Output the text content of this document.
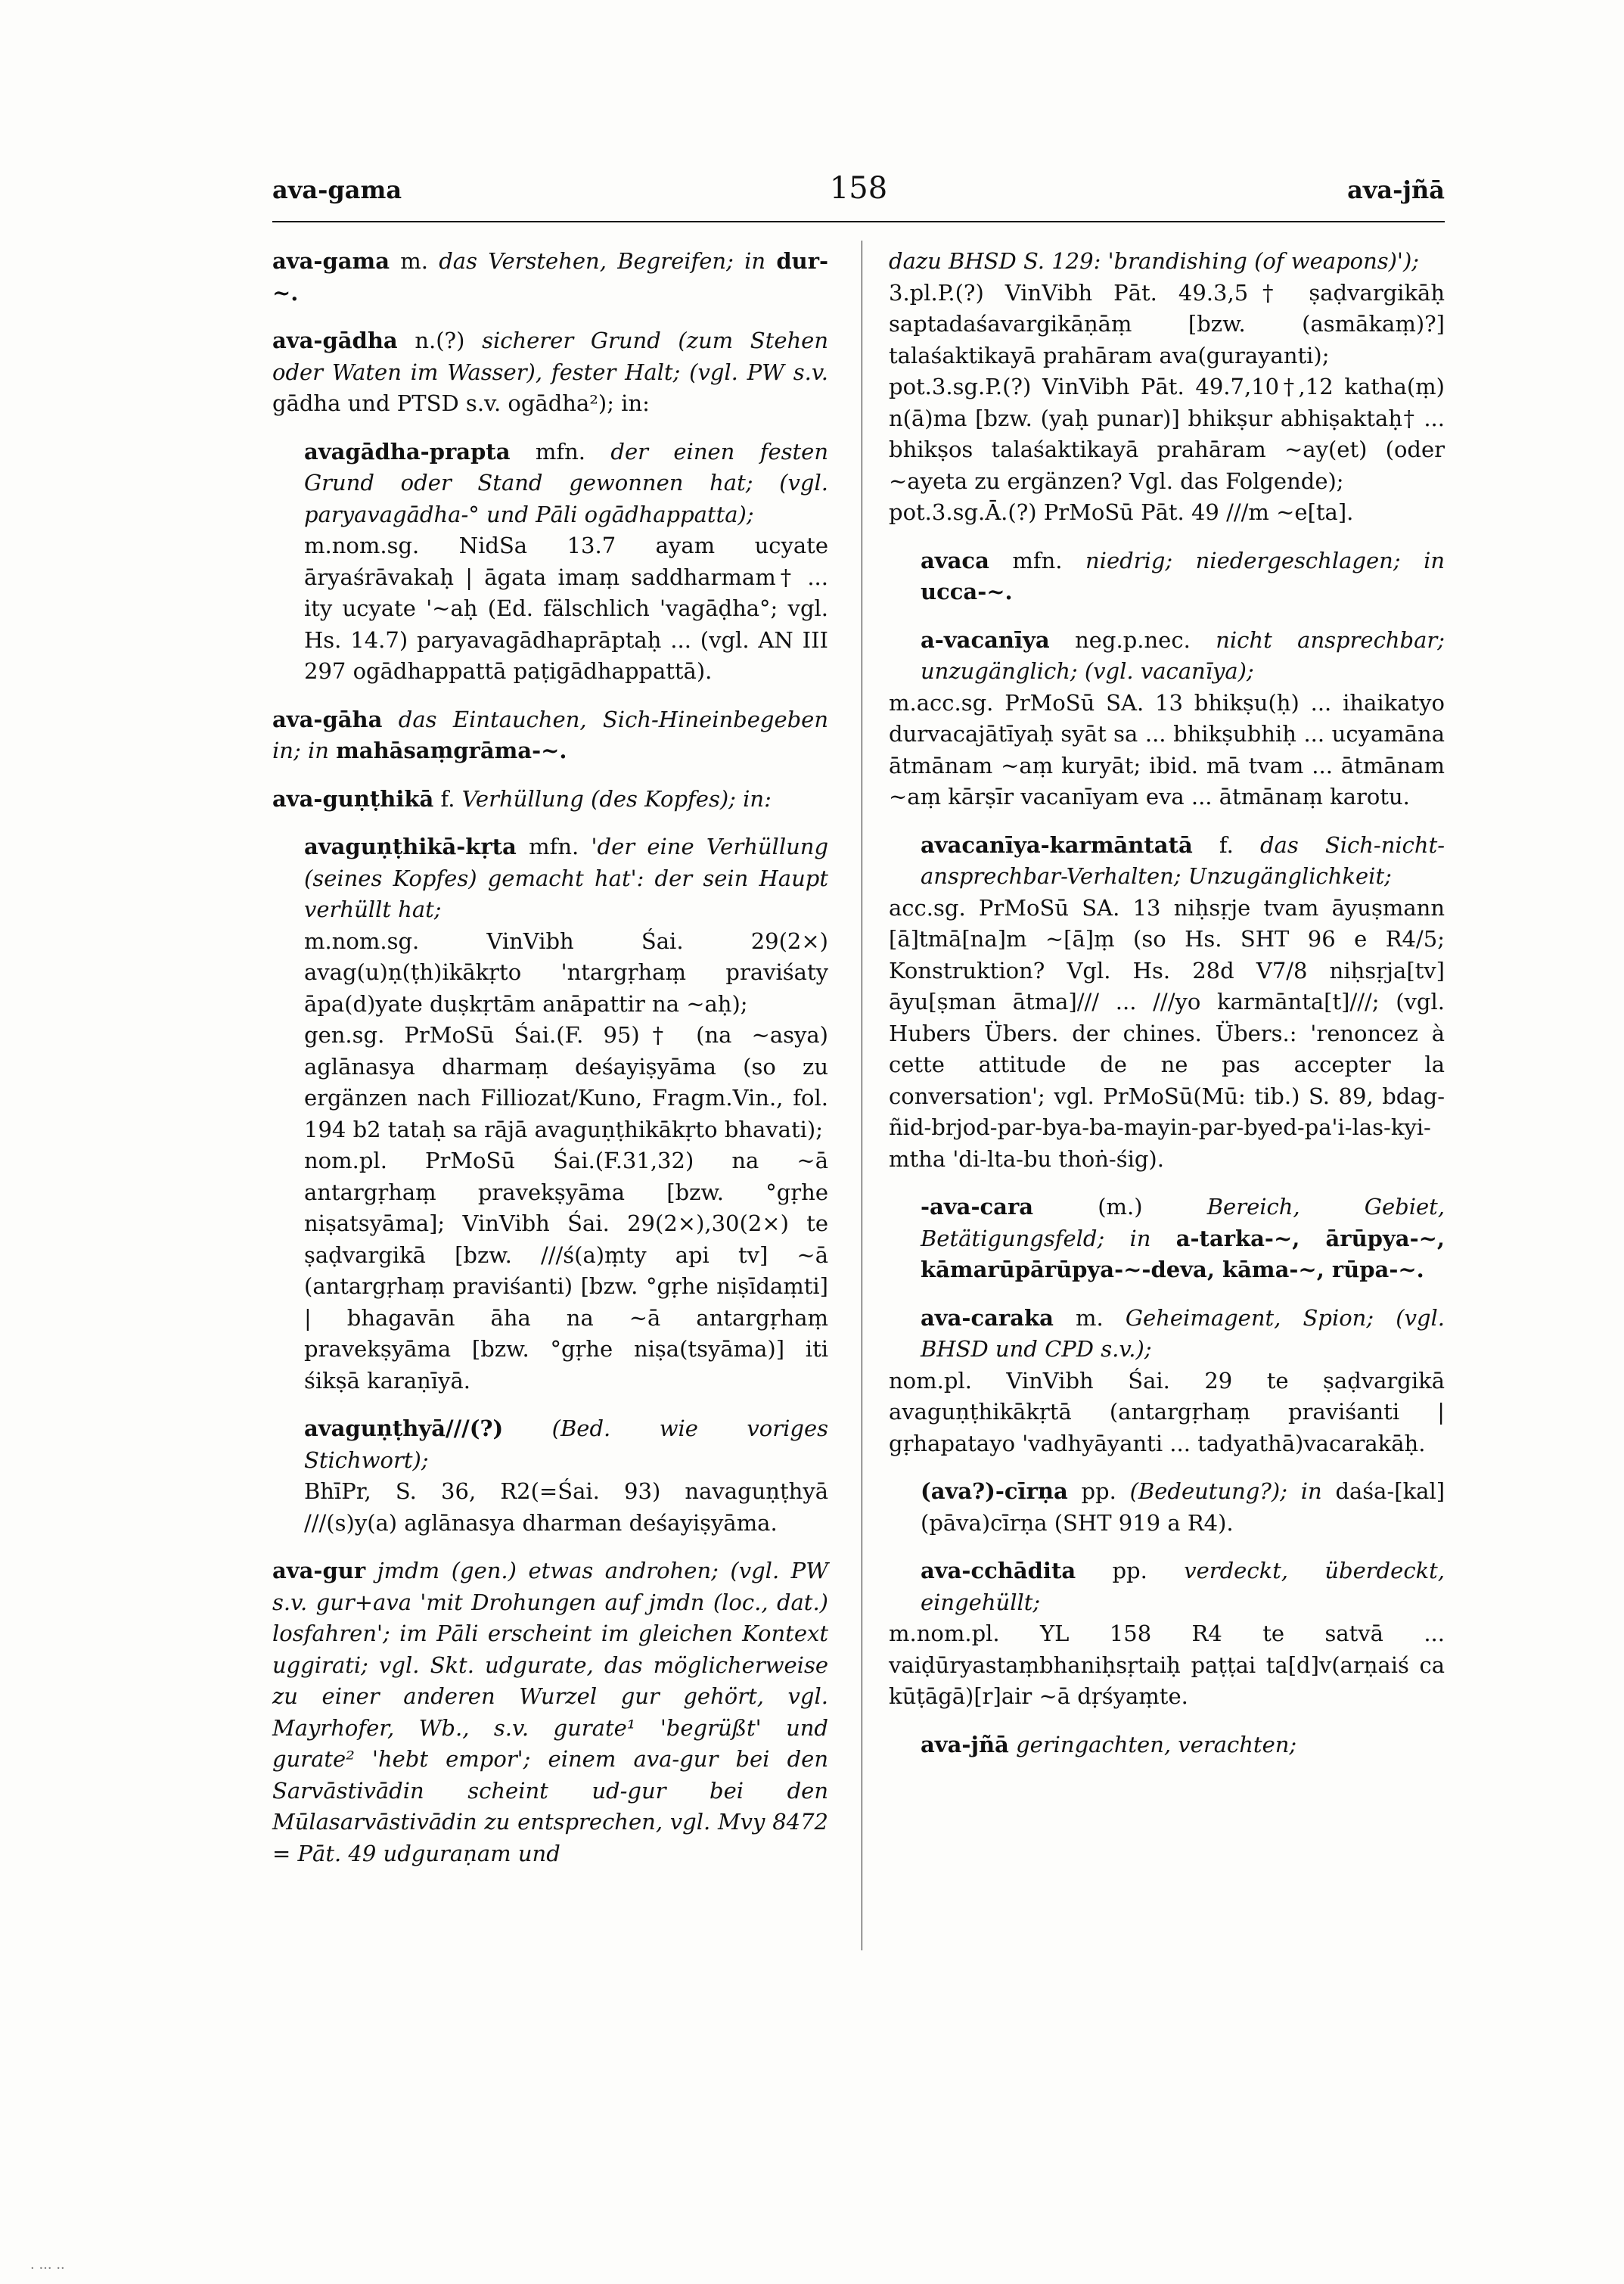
ava-gama	158	ava-jñā

ava-gama m. das Verstehen, Begreifen; in dur-~.

ava-gādha n.(?) sicherer Grund (zum Stehen oder Waten im Wasser), fester Halt; (vgl. PW s.v. gādha und PTSD s.v. ogādha²); in:

avagādha-prapta mfn. der einen festen Grund oder Stand gewonnen hat; (vgl. paryavagādha-° und Pāli ogādhappatta);

m.nom.sg. NidSa 13.7 ayam ucyate āryaśrāvakaḥ | āgata imaṃ saddharmam† ... ity ucyate '~aḥ (Ed. fälschlich 'vagāḍha°; vgl. Hs. 14.7) paryavagādhaprāptaḥ ... (vgl. AN III 297 ogādhappattā paṭigādhappattā).

ava-gāha das Eintauchen, Sich-Hineinbegeben in; in mahāsaṃgrāma-~.

ava-guṇṭhikā f. Verhüllung (des Kopfes); in:

avaguṇṭhikā-kṛta mfn. 'der eine Verhüllung (seines Kopfes) gemacht hat': der sein Haupt verhüllt hat;

m.nom.sg. VinVibh Śai. 29(2×) avag(u)ṇ(ṭh)ikākṛto 'ntargṛhaṃ praviśaty āpa(d)yate duṣkṛtām anāpattir na ~aḥ);

gen.sg. PrMoSū Śai.(F. 95)† (na ~asya) aglānasya dharmaṃ deśayiṣyāma (so zu ergänzen nach Filliozat/Kuno, Fragm.Vin., fol. 194 b2 tataḥ sa rājā avaguṇṭhikākṛto bhavati);

nom.pl. PrMoSū Śai.(F.31,32) na ~ā antargṛhaṃ pravekṣyāma [bzw. °gṛhe niṣatsyāma]; VinVibh Śai. 29(2×),30(2×) te ṣaḍvargikā [bzw. ///ś(a)ṃty api tv] ~ā (antargṛhaṃ praviśanti) [bzw. °gṛhe niṣīdaṃti] | bhagavān āha na ~ā antargṛhaṃ pravekṣyāma [bzw. °gṛhe niṣa(tsyāma)] iti śikṣā karaṇīyā.

avaguṇṭhyā///(?) (Bed. wie voriges Stichwort);

BhīPr, S. 36, R2(=Śai. 93) navaguṇṭhyā ///(s)y(a) aglānasya dharman deśayiṣyāma.

ava-gur jmdm (gen.) etwas androhen; (vgl. PW s.v. gur+ava 'mit Drohungen auf jmdn (loc., dat.) losfahren'; im Pāli erscheint im gleichen Kontext uggirati; vgl. Skt. udgurate, das möglicherweise zu einer anderen Wurzel gur gehört, vgl. Mayrhofer, Wb., s.v. gurate¹ 'begrüßt' und gurate² 'hebt empor'; einem ava-gur bei den Sarvāstivādin scheint ud-gur bei den Mūlasarvāstivādin zu entsprechen, vgl. Mvy 8472 = Pāt. 49 udguraṇam und

dazu BHSD S. 129: 'brandishing (of weapons)');

3.pl.P.(?) VinVibh Pāt. 49.3,5† ṣaḍvargikāḥ saptadaśavargikāṇāṃ [bzw. (asmākaṃ)?] talaśaktikayā prahāram ava(gurayanti);

pot.3.sg.P.(?) VinVibh Pāt. 49.7,10†,12 katha(ṃ) n(ā)ma [bzw. (yaḥ punar)] bhikṣur abhiṣaktaḥ† ... bhikṣos talaśaktikayā prahāram ~ay(et) (oder ~ayeta zu ergänzen? Vgl. das Folgende);

pot.3.sg.Ā.(?) PrMoSū Pāt. 49 ///m ~e[ta].

avaca mfn. niedrig; niedergeschlagen; in ucca-~.

a-vacanīya neg.p.nec. nicht ansprechbar; unzugänglich; (vgl. vacanīya);

m.acc.sg. PrMoSū SA. 13 bhikṣu(ḥ) ... ihaikatyo durvacajātīyaḥ syāt sa ... bhikṣubhiḥ ... ucyamāna ātmānam ~aṃ kuryāt; ibid. mā tvam ... ātmānam ~aṃ kārṣīr vacanīyam eva ... ātmānaṃ karotu.

avacanīya-karmāntatā f. das Sich-nicht-ansprechbar-Verhalten; Unzugänglichkeit;

acc.sg. PrMoSū SA. 13 niḥsṛje tvam āyuṣmann [ā]tmā[na]m ~[ā]ṃ (so Hs. SHT 96 e R4/5; Konstruktion? Vgl. Hs. 28d V7/8 niḥsṛja[tv] āyu[ṣman ātma]/// ... ///yo karmānta[t]///; (vgl. Hubers Übers. der chines. Übers.: 'renoncez à cette attitude de ne pas accepter la conversation'; vgl. PrMoSū(Mū: tib.) S. 89, bdag-ñid-brjod-par-bya-ba-mayin-par-byed-pa'i-las-kyi-mtha 'di-lta-bu thoṅ-śig).

-ava-cara	(m.)	Bereich, Gebiet, Betätigungsfeld; in a-tarka-~, ārūpya-~, kāmarūpārūpya-~-deva, kāma-~, rūpa-~.

ava-caraka m. Geheimagent, Spion; (vgl. BHSD und CPD s.v.);

nom.pl. VinVibh Śai. 29 te ṣaḍvargikā avaguṇṭhikākṛtā (antargṛhaṃ praviśanti | gṛhapatayo 'vadhyāyanti ... tadyathā)vacarakāḥ.

(ava?)-cīrṇa pp. (Bedeutung?); in daśa-[kal](pāva)cīrṇa (SHT 919 a R4).

ava-cchādita pp. verdeckt, überdeckt, eingehüllt;

m.nom.pl. YL 158 R4 te satvā ... vaiḍūryastaṃbhaniḥsṛtaiḥ paṭṭai ta[d]v(arṇaiś ca kūṭāgā)[r]air ~ā dṛśyaṃte.

ava-jñā geringachten, verachten;

· ··· ··
